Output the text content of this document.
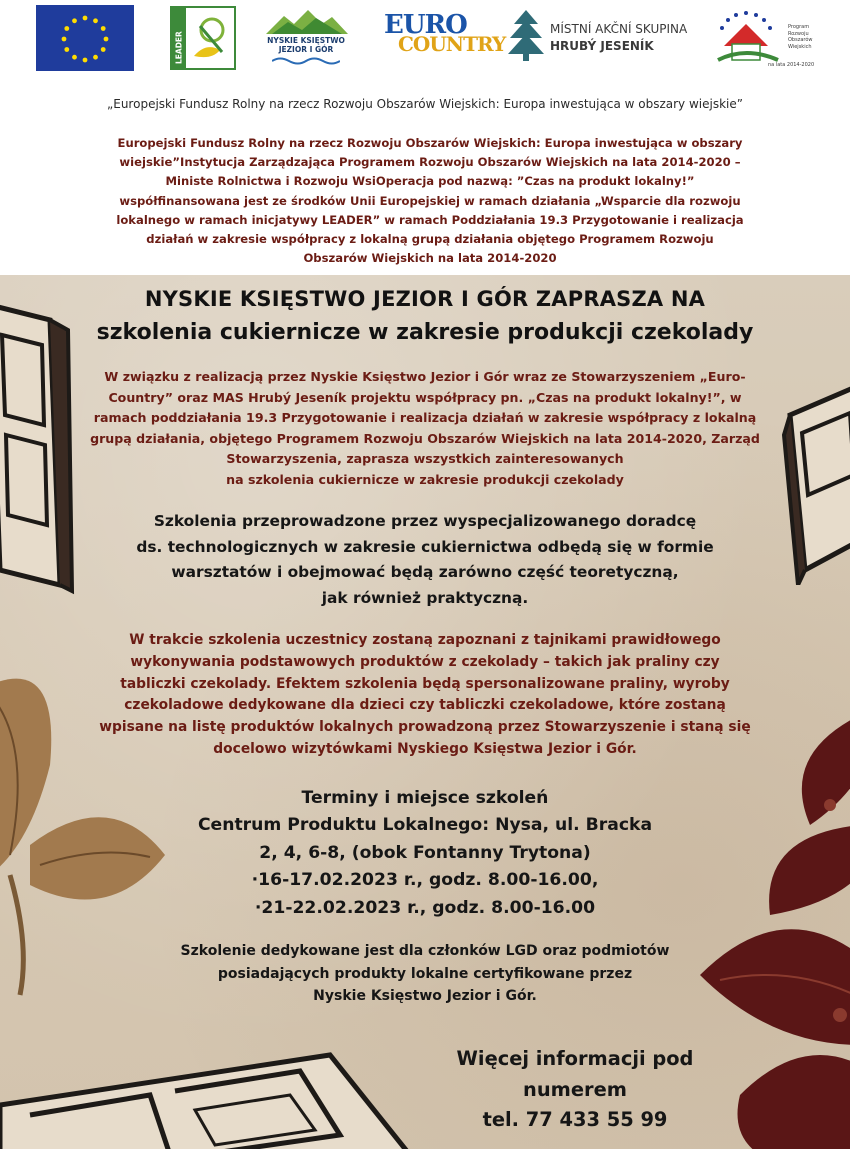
LEADER	NYSKIE KSIĘSTWO
JEZIOR I GÓR
EURO
COUNTRY
MÍSTNÍ AKČNÍ SKUPINA
HRUBÝ JESENÍK
Program
Rozwoju
Obszarów
Wiejskich
na lata 2014-2020
„Europejski Fundusz Rolny na rzecz Rozwoju Obszarów Wiejskich: Europa inwestująca w obszary wiejskie”
Europejski Fundusz Rolny na rzecz Rozwoju Obszarów Wiejskich: Europa inwestująca w obszary
wiejskie”Instytucja Zarządzająca Programem Rozwoju Obszarów Wiejskich na lata 2014-2020 –
Ministe Rolnictwa i Rozwoju WsiOperacja pod nazwą: ”Czas na produkt lokalny!”
współfinansowana jest ze środków Unii Europejskiej w ramach działania „Wsparcie dla rozwoju
lokalnego w ramach inicjatywy LEADER” w ramach Poddziałania 19.3 Przygotowanie i realizacja
działań w zakresie współpracy z lokalną grupą działania objętego Programem Rozwoju
Obszarów Wiejskich na lata 2014-2020
NYSKIE KSIĘSTWO JEZIOR I GÓR ZAPRASZA NA
szkolenia cukiernicze w zakresie produkcji czekolady
W związku z realizacją przez Nyskie Księstwo Jezior i Gór wraz ze Stowarzyszeniem „Euro-
Country” oraz MAS Hrubý Jeseník projektu współpracy pn. „Czas na produkt lokalny!”, w
ramach poddziałania 19.3 Przygotowanie i realizacja działań w zakresie współpracy z lokalną
grupą działania, objętego Programem Rozwoju Obszarów Wiejskich na lata 2014-2020, Zarząd
Stowarzyszenia, zaprasza wszystkich zainteresowanych
na szkolenia cukiernicze w zakresie produkcji czekolady
Szkolenia przeprowadzone przez wyspecjalizowanego doradcę
ds. technologicznych w zakresie cukiernictwa odbędą się w formie
warsztatów i obejmować będą zarówno część teoretyczną,
jak również praktyczną.
W trakcie szkolenia uczestnicy zostaną zapoznani z tajnikami prawidłowego
wykonywania podstawowych produktów z czekolady – takich jak praliny czy
tabliczki czekolady. Efektem szkolenia będą spersonalizowane praliny, wyroby
czekoladowe dedykowane dla dzieci czy tabliczki czekoladowe, które zostaną
wpisane na listę produktów lokalnych prowadzoną przez Stowarzyszenie i staną się
docelowo wizytówkami Nyskiego Księstwa Jezior i Gór.
Terminy i miejsce szkoleń
Centrum Produktu Lokalnego: Nysa, ul. Bracka
2, 4, 6-8, (obok Fontanny Trytona)
·16-17.02.2023 r., godz. 8.00-16.00,
·21-22.02.2023 r., godz. 8.00-16.00
Szkolenie dedykowane jest dla członków LGD oraz podmiotów
posiadających produkty lokalne certyfikowane przez
Nyskie Księstwo Jezior i Gór.
Więcej informacji pod
numerem
tel. 77 433 55 99
